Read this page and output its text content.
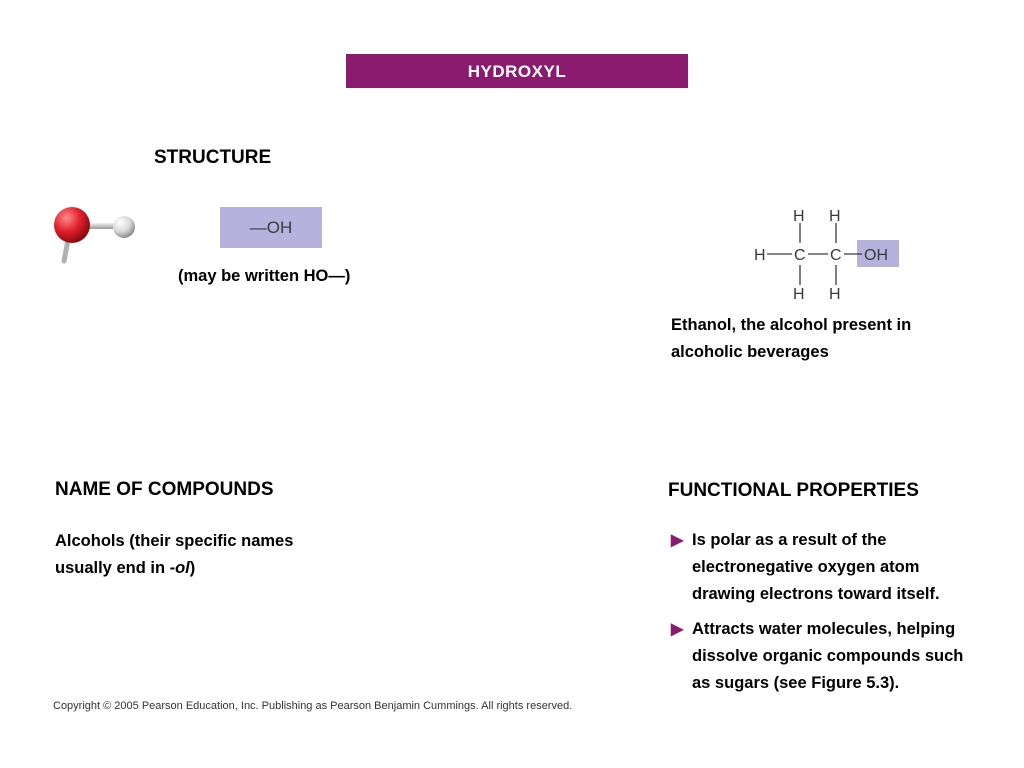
HYDROXYL
STRUCTURE
—OH
(may be written HO—)
H H
H C C OH
H H
Ethanol, the alcohol present in
alcoholic beverages
NAME OF COMPOUNDS
Alcohols (their specific names
usually end in -ol)
FUNCTIONAL PROPERTIES
▶ Is polar as a result of the
electronegative oxygen atom
drawing electrons toward itself.
▶ Attracts water molecules, helping
dissolve organic compounds such
as sugars (see Figure 5.3).
Copyright © 2005 Pearson Education, Inc. Publishing as Pearson Benjamin Cummings. All rights reserved.
